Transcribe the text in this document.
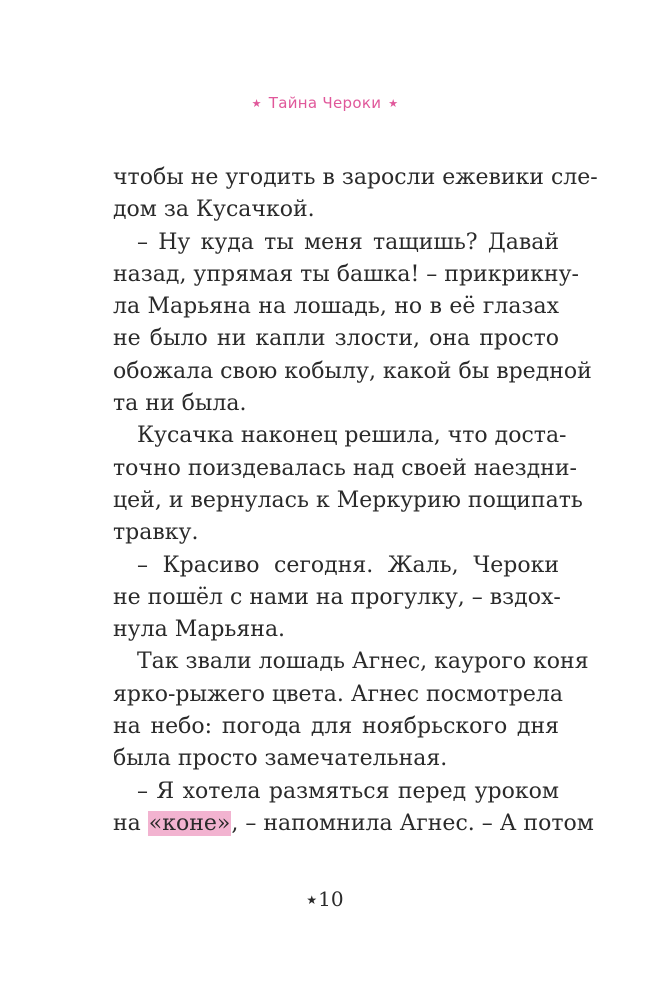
★ Тайна Чероки ★
чтобы не угодить в заросли ежевики сле-
дом за Кусачкой.
– Ну куда ты меня тащишь? Давай
назад, упрямая ты башка! – прикрикну-
ла Марьяна на лошадь, но в её глазах
не было ни капли злости, она просто
обожала свою кобылу, какой бы вредной
та ни была.
Кусачка наконец решила, что доста-
точно поиздевалась над своей наездни-
цей, и вернулась к Меркурию пощипать
травку.
– Красиво сегодня. Жаль, Чероки
не пошёл с нами на прогулку, – вздох-
нула Марьяна.
Так звали лошадь Агнес, каурого коня
ярко-рыжего цвета. Агнес посмотрела
на небо: погода для ноябрьского дня
была просто замечательная.
– Я хотела размяться перед уроком
на «коне», – напомнила Агнес. – А потом
★10
